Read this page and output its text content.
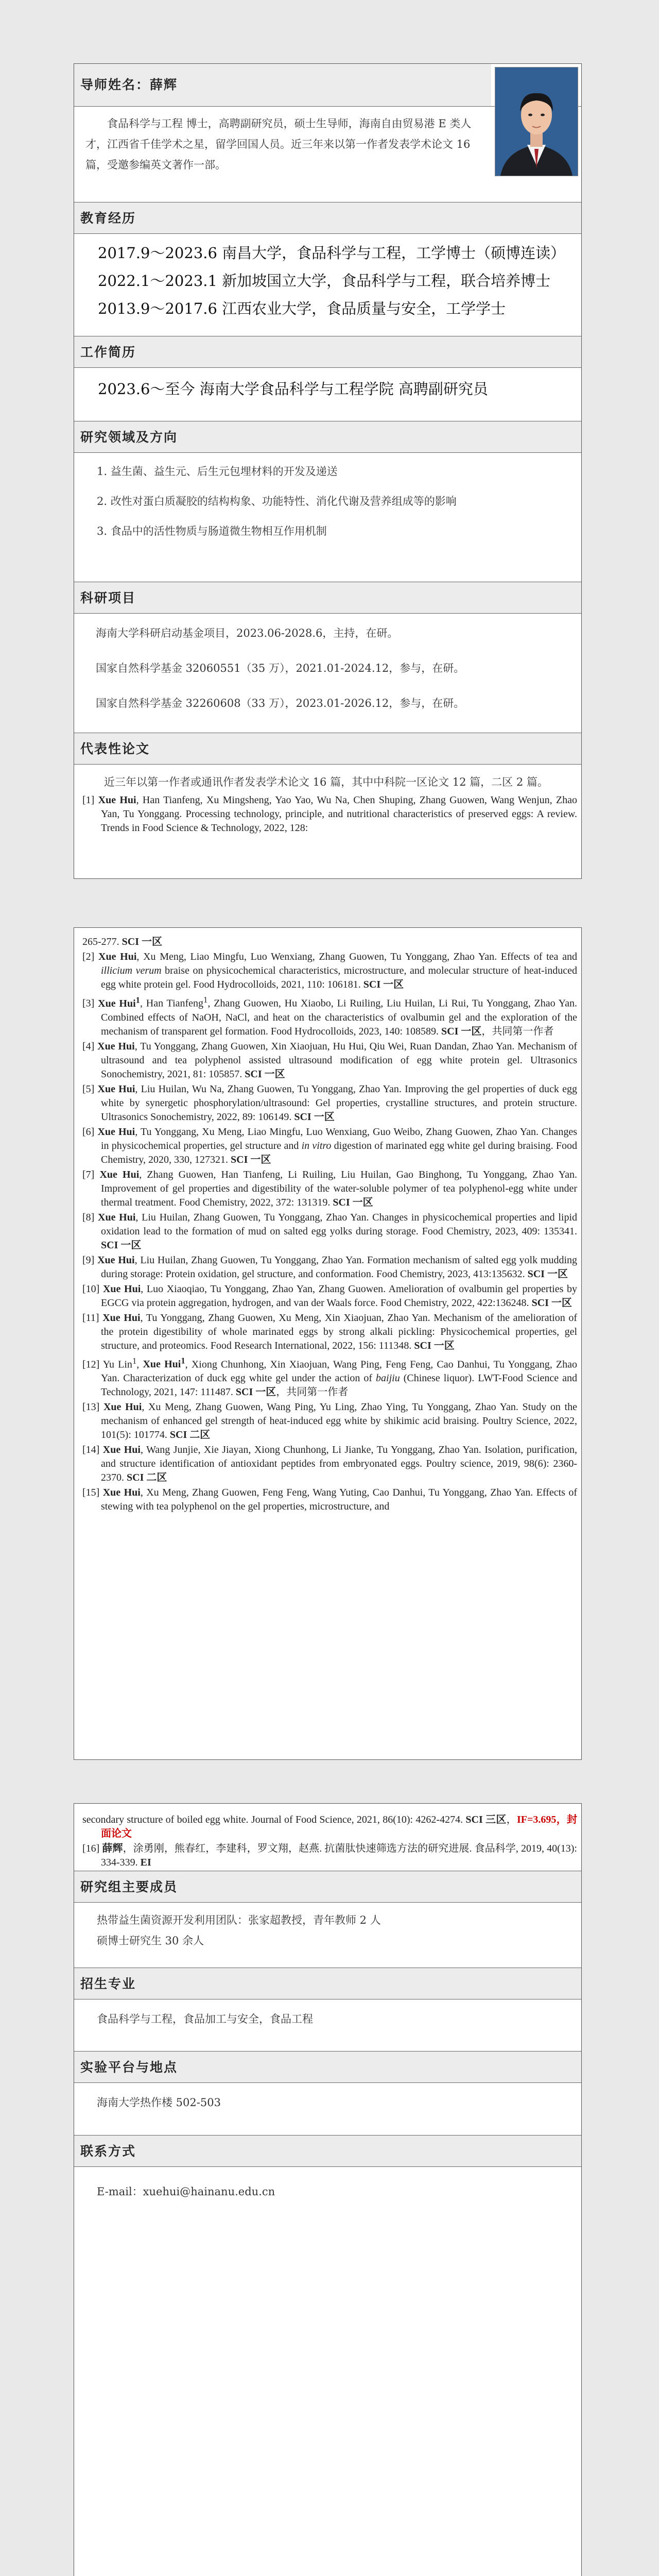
导师姓名：薛辉
食品科学与工程 博士，高聘副研究员，硕士生导师，海南自由贸易港 E 类人才，江西省千佳学术之星，留学回国人员。近三年来以第一作者发表学术论文 16 篇，受邀参编英文著作一部。
教育经历

2017.9～2023.6 南昌大学，食品科学与工程，工学博士（硕博连读）

2022.1～2023.1 新加坡国立大学，食品科学与工程，联合培养博士

2013.9～2017.6 江西农业大学，食品质量与安全，工学学士

工作简历

2023.6～至今 海南大学食品科学与工程学院 高聘副研究员

研究领域及方向

1. 益生菌、益生元、后生元包埋材料的开发及递送

2. 改性对蛋白质凝胶的结构构象、功能特性、消化代谢及营养组成等的影响

3. 食品中的活性物质与肠道微生物相互作用机制

科研项目

海南大学科研启动基金项目，2023.06-2028.6，主持，在研。

国家自然科学基金 32060551（35 万），2021.01-2024.12，参与，在研。

国家自然科学基金 32260608（33 万），2023.01-2026.12，参与，在研。

代表性论文
近三年以第一作者或通讯作者发表学术论文 16 篇，其中中科院一区论文 12 篇，二区 2 篇。

[1] Xue Hui, Han Tianfeng, Xu Mingsheng, Yao Yao, Wu Na, Chen Shuping, Zhang Guowen, Wang Wenjun, Zhao Yan, Tu Yonggang. Processing technology, principle, and nutritional characteristics of preserved eggs: A review. Trends in Food Science & Technology, 2022, 128:

265-277. SCI 一区

[2] Xue Hui, Xu Meng, Liao Mingfu, Luo Wenxiang, Zhang Guowen, Tu Yonggang, Zhao Yan. Effects of tea and illicium verum braise on physicochemical characteristics, microstructure, and molecular structure of heat-induced egg white protein gel. Food Hydrocolloids, 2021, 110: 106181. SCI 一区

[3] Xue Hui$^1$, Han Tianfeng$^1$, Zhang Guowen, Hu Xiaobo, Li Ruiling, Liu Huilan, Li Rui, Tu Yonggang, Zhao Yan. Combined effects of NaOH, NaCl, and heat on the characteristics of ovalbumin gel and the exploration of the mechanism of transparent gel formation. Food Hydrocolloids, 2023, 140: 108589. SCI 一区，共同第一作者

[4] Xue Hui, Tu Yonggang, Zhang Guowen, Xin Xiaojuan, Hu Hui, Qiu Wei, Ruan Dandan, Zhao Yan. Mechanism of ultrasound and tea polyphenol assisted ultrasound modification of egg white protein gel. Ultrasonics Sonochemistry, 2021, 81: 105857. SCI 一区

[5] Xue Hui, Liu Huilan, Wu Na, Zhang Guowen, Tu Yonggang, Zhao Yan. Improving the gel properties of duck egg white by synergetic phosphorylation/ultrasound: Gel properties, crystalline structures, and protein structure. Ultrasonics Sonochemistry, 2022, 89: 106149. SCI 一区

[6] Xue Hui, Tu Yonggang, Xu Meng, Liao Mingfu, Luo Wenxiang, Guo Weibo, Zhang Guowen, Zhao Yan. Changes in physicochemical properties, gel structure and in vitro digestion of marinated egg white gel during braising. Food Chemistry, 2020, 330, 127321. SCI 一区

[7] Xue Hui, Zhang Guowen, Han Tianfeng, Li Ruiling, Liu Huilan, Gao Binghong, Tu Yonggang, Zhao Yan. Improvement of gel properties and digestibility of the water-soluble polymer of tea polyphenol-egg white under thermal treatment. Food Chemistry, 2022, 372: 131319. SCI 一区

[8] Xue Hui, Liu Huilan, Zhang Guowen, Tu Yonggang, Zhao Yan. Changes in physicochemical properties and lipid oxidation lead to the formation of mud on salted egg yolks during storage. Food Chemistry, 2023, 409: 135341. SCI 一区

[9] Xue Hui, Liu Huilan, Zhang Guowen, Tu Yonggang, Zhao Yan. Formation mechanism of salted egg yolk mudding during storage: Protein oxidation, gel structure, and conformation. Food Chemistry, 2023, 413:135632. SCI 一区

[10] Xue Hui, Luo Xiaoqiao, Tu Yonggang, Zhao Yan, Zhang Guowen. Amelioration of ovalbumin gel properties by EGCG via protein aggregation, hydrogen, and van der Waals force. Food Chemistry, 2022, 422:136248. SCI 一区

[11] Xue Hui, Tu Yonggang, Zhang Guowen, Xu Meng, Xin Xiaojuan, Zhao Yan. Mechanism of the amelioration of the protein digestibility of whole marinated eggs by strong alkali pickling: Physicochemical properties, gel structure, and proteomics. Food Research International, 2022, 156: 111348. SCI 一区

[12] Yu Lin$^1$, Xue Hui$^1$, Xiong Chunhong, Xin Xiaojuan, Wang Ping, Feng Feng, Cao Danhui, Tu Yonggang, Zhao Yan. Characterization of duck egg white gel under the action of baijiu (Chinese liquor). LWT-Food Science and Technology, 2021, 147: 111487. SCI 一区，共同第一作者

[13] Xue Hui, Xu Meng, Zhang Guowen, Wang Ping, Yu Ling, Zhao Ying, Tu Yonggang, Zhao Yan. Study on the mechanism of enhanced gel strength of heat-induced egg white by shikimic acid braising. Poultry Science, 2022, 101(5): 101774. SCI 二区

[14] Xue Hui, Wang Junjie, Xie Jiayan, Xiong Chunhong, Li Jianke, Tu Yonggang, Zhao Yan. Isolation, purification, and structure identification of antioxidant peptides from embryonated eggs. Poultry science, 2019, 98(6): 2360-2370. SCI 二区

[15] Xue Hui, Xu Meng, Zhang Guowen, Feng Feng, Wang Yuting, Cao Danhui, Tu Yonggang, Zhao Yan. Effects of stewing with tea polyphenol on the gel properties, microstructure, and

secondary structure of boiled egg white. Journal of Food Science, 2021, 86(10): 4262-4274. SCI 三区，IF=3.695，封面论文

[16] 薛辉，涂勇刚，熊春红，李建科，罗文翔，赵燕. 抗菌肽快速筛选方法的研究进展. 食品科学, 2019, 40(13): 334-339. EI

研究组主要成员

热带益生菌资源开发利用团队：张家超教授，青年教师 2 人

硕博士研究生 30 余人

招生专业

食品科学与工程，食品加工与安全，食品工程

实验平台与地点

海南大学热作楼 502-503

联系方式

E-mail：xuehui@hainanu.edu.cn
